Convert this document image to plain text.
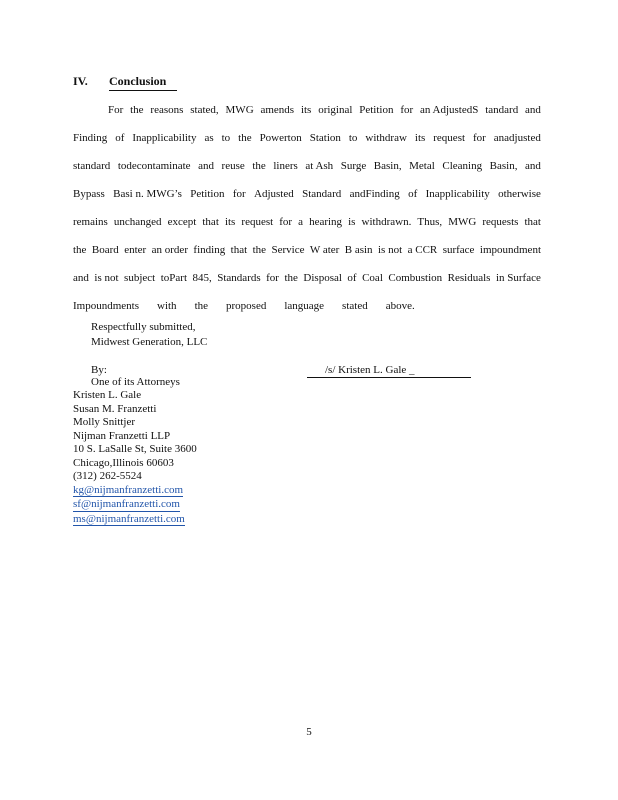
IV.	Conclusion
For the reasons stated, MWG amends its original Petition for an AdjustedS tandard and
Finding of Inapplicability as to the Powerton Station to withdraw its request for anadjusted
standard todecontaminate and reuse the liners at Ash Surge Basin, Metal Cleaning Basin, and
Bypass Basi n. MWG’s Petition for Adjusted Standard andFinding of Inapplicability otherwise
remains unchanged except that its request for a hearing is withdrawn. Thus, MWG requests that
the Board enter an order finding that the Service W ater B asin is not a CCR surface impoundment
and is not subject toPart 845, Standards for the Disposal of Coal Combustion Residuals in Surface
Impoundments with the proposed language stated above.
Respectfully submitted,
Midwest Generation, LLC
By:	/s/ Kristen L. Gale _
One of its Attorneys
Kristen L. Gale
Susan M. Franzetti
Molly Snittjer
Nijman Franzetti LLP
10 S. LaSalle St, Suite 3600
Chicago,Illinois 60603
(312) 262-5524
kg@nijmanfranzetti.com
sf@nijmanfranzetti.com
ms@nijmanfranzetti.com
5
